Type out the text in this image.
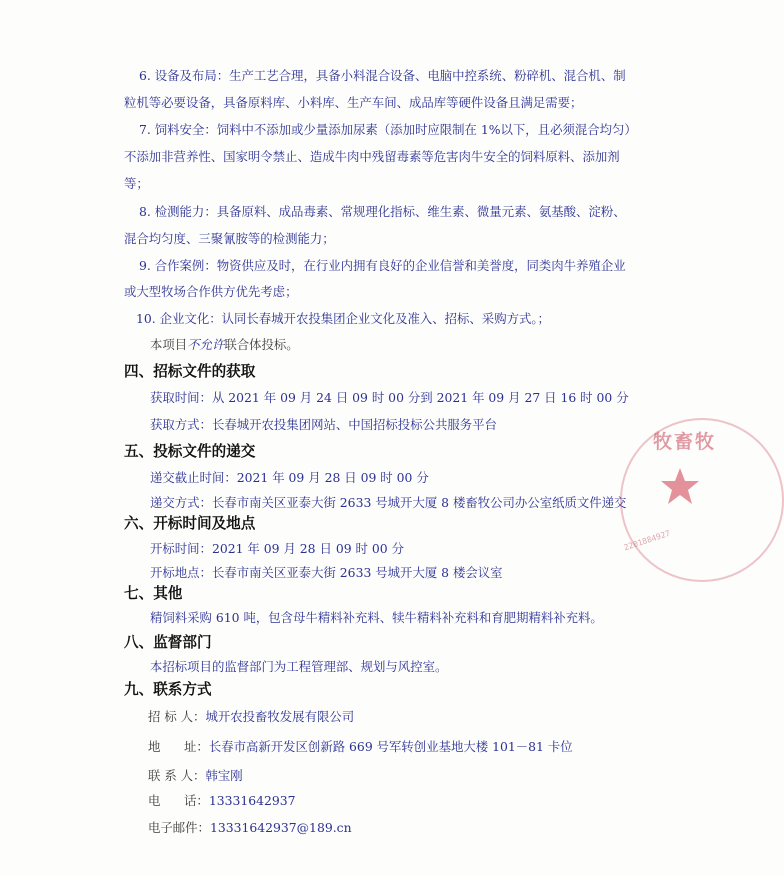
6. 设备及布局：生产工艺合理，具备小料混合设备、电脑中控系统、粉碎机、混合机、制
粒机等必要设备，具备原料库、小料库、生产车间、成品库等硬件设备且满足需要；
7. 饲料安全：饲料中不添加或少量添加尿素（添加时应限制在 1%以下，且必须混合均匀）
不添加非营养性、国家明令禁止、造成牛肉中残留毒素等危害肉牛安全的饲料原料、添加剂
等；
8. 检测能力：具备原料、成品毒素、常规理化指标、维生素、微量元素、氨基酸、淀粉、
混合均匀度、三聚氰胺等的检测能力；
9. 合作案例：物资供应及时，在行业内拥有良好的企业信誉和美誉度，同类肉牛养殖企业
或大型牧场合作供方优先考虑；
10. 企业文化：认同长春城开农投集团企业文化及准入、招标、采购方式。；
本项目不允许联合体投标。
四、招标文件的获取
获取时间：从 2021 年 09 月 24 日 09 时 00 分到 2021 年 09 月 27 日 16 时 00 分
获取方式：长春城开农投集团网站、中国招标投标公共服务平台
五、投标文件的递交
递交截止时间：2021 年 09 月 28 日 09 时 00 分
递交方式：长春市南关区亚泰大街 2633 号城开大厦 8 楼畜牧公司办公室纸质文件递交
六、开标时间及地点
开标时间：2021 年 09 月 28 日 09 时 00 分
开标地点：长春市南关区亚泰大街 2633 号城开大厦 8 楼会议室
七、其他
精饲料采购 610 吨，包含母牛精料补充料、犊牛精料补充料和育肥期精料补充料。
八、监督部门
本招标项目的监督部门为工程管理部、规划与风控室。
九、联系方式
招 标 人：城开农投畜牧发展有限公司
地      址：长春市高新开发区创新路 669 号军转创业基地大楼 101－81 卡位
联 系 人：韩宝刚
电      话：13331642937
电子邮件：13331642937@189.cn
牧畜牧
2201884927
